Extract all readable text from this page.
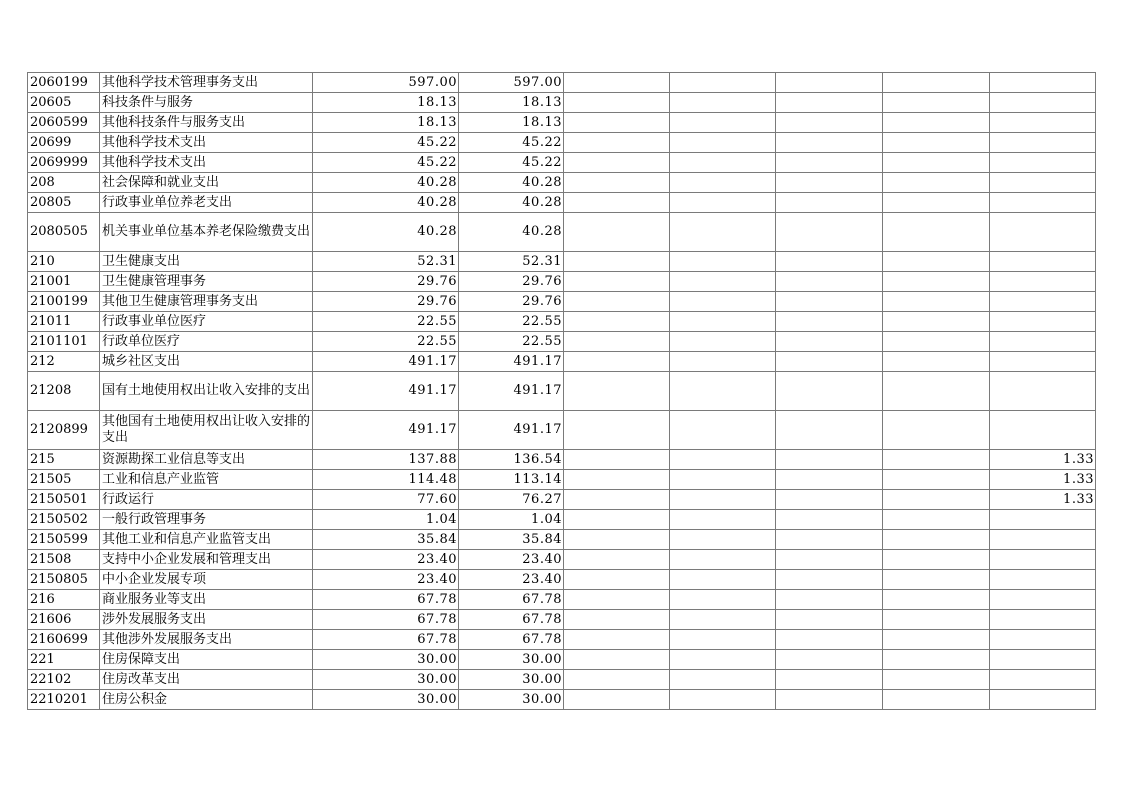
2060199	其他科学技术管理事务支出	597.00	597.00					
20605	科技条件与服务	18.13	18.13					
2060599	其他科技条件与服务支出	18.13	18.13					
20699	其他科学技术支出	45.22	45.22					
2069999	其他科学技术支出	45.22	45.22					
208	社会保障和就业支出	40.28	40.28					
20805	行政事业单位养老支出	40.28	40.28					
2080505	机关事业单位基本养老保险缴费支出	40.28	40.28					
210	卫生健康支出	52.31	52.31					
21001	卫生健康管理事务	29.76	29.76					
2100199	其他卫生健康管理事务支出	29.76	29.76					
21011	行政事业单位医疗	22.55	22.55					
2101101	行政单位医疗	22.55	22.55					
212	城乡社区支出	491.17	491.17					
21208	国有土地使用权出让收入安排的支出	491.17	491.17					
2120899	其他国有土地使用权出让收入安排的支出	491.17	491.17					
215	资源勘探工业信息等支出	137.88	136.54					1.33
21505	工业和信息产业监管	114.48	113.14					1.33
2150501	行政运行	77.60	76.27					1.33
2150502	一般行政管理事务	1.04	1.04					
2150599	其他工业和信息产业监管支出	35.84	35.84					
21508	支持中小企业发展和管理支出	23.40	23.40					
2150805	中小企业发展专项	23.40	23.40					
216	商业服务业等支出	67.78	67.78					
21606	涉外发展服务支出	67.78	67.78					
2160699	其他涉外发展服务支出	67.78	67.78					
221	住房保障支出	30.00	30.00					
22102	住房改革支出	30.00	30.00					
2210201	住房公积金	30.00	30.00					
